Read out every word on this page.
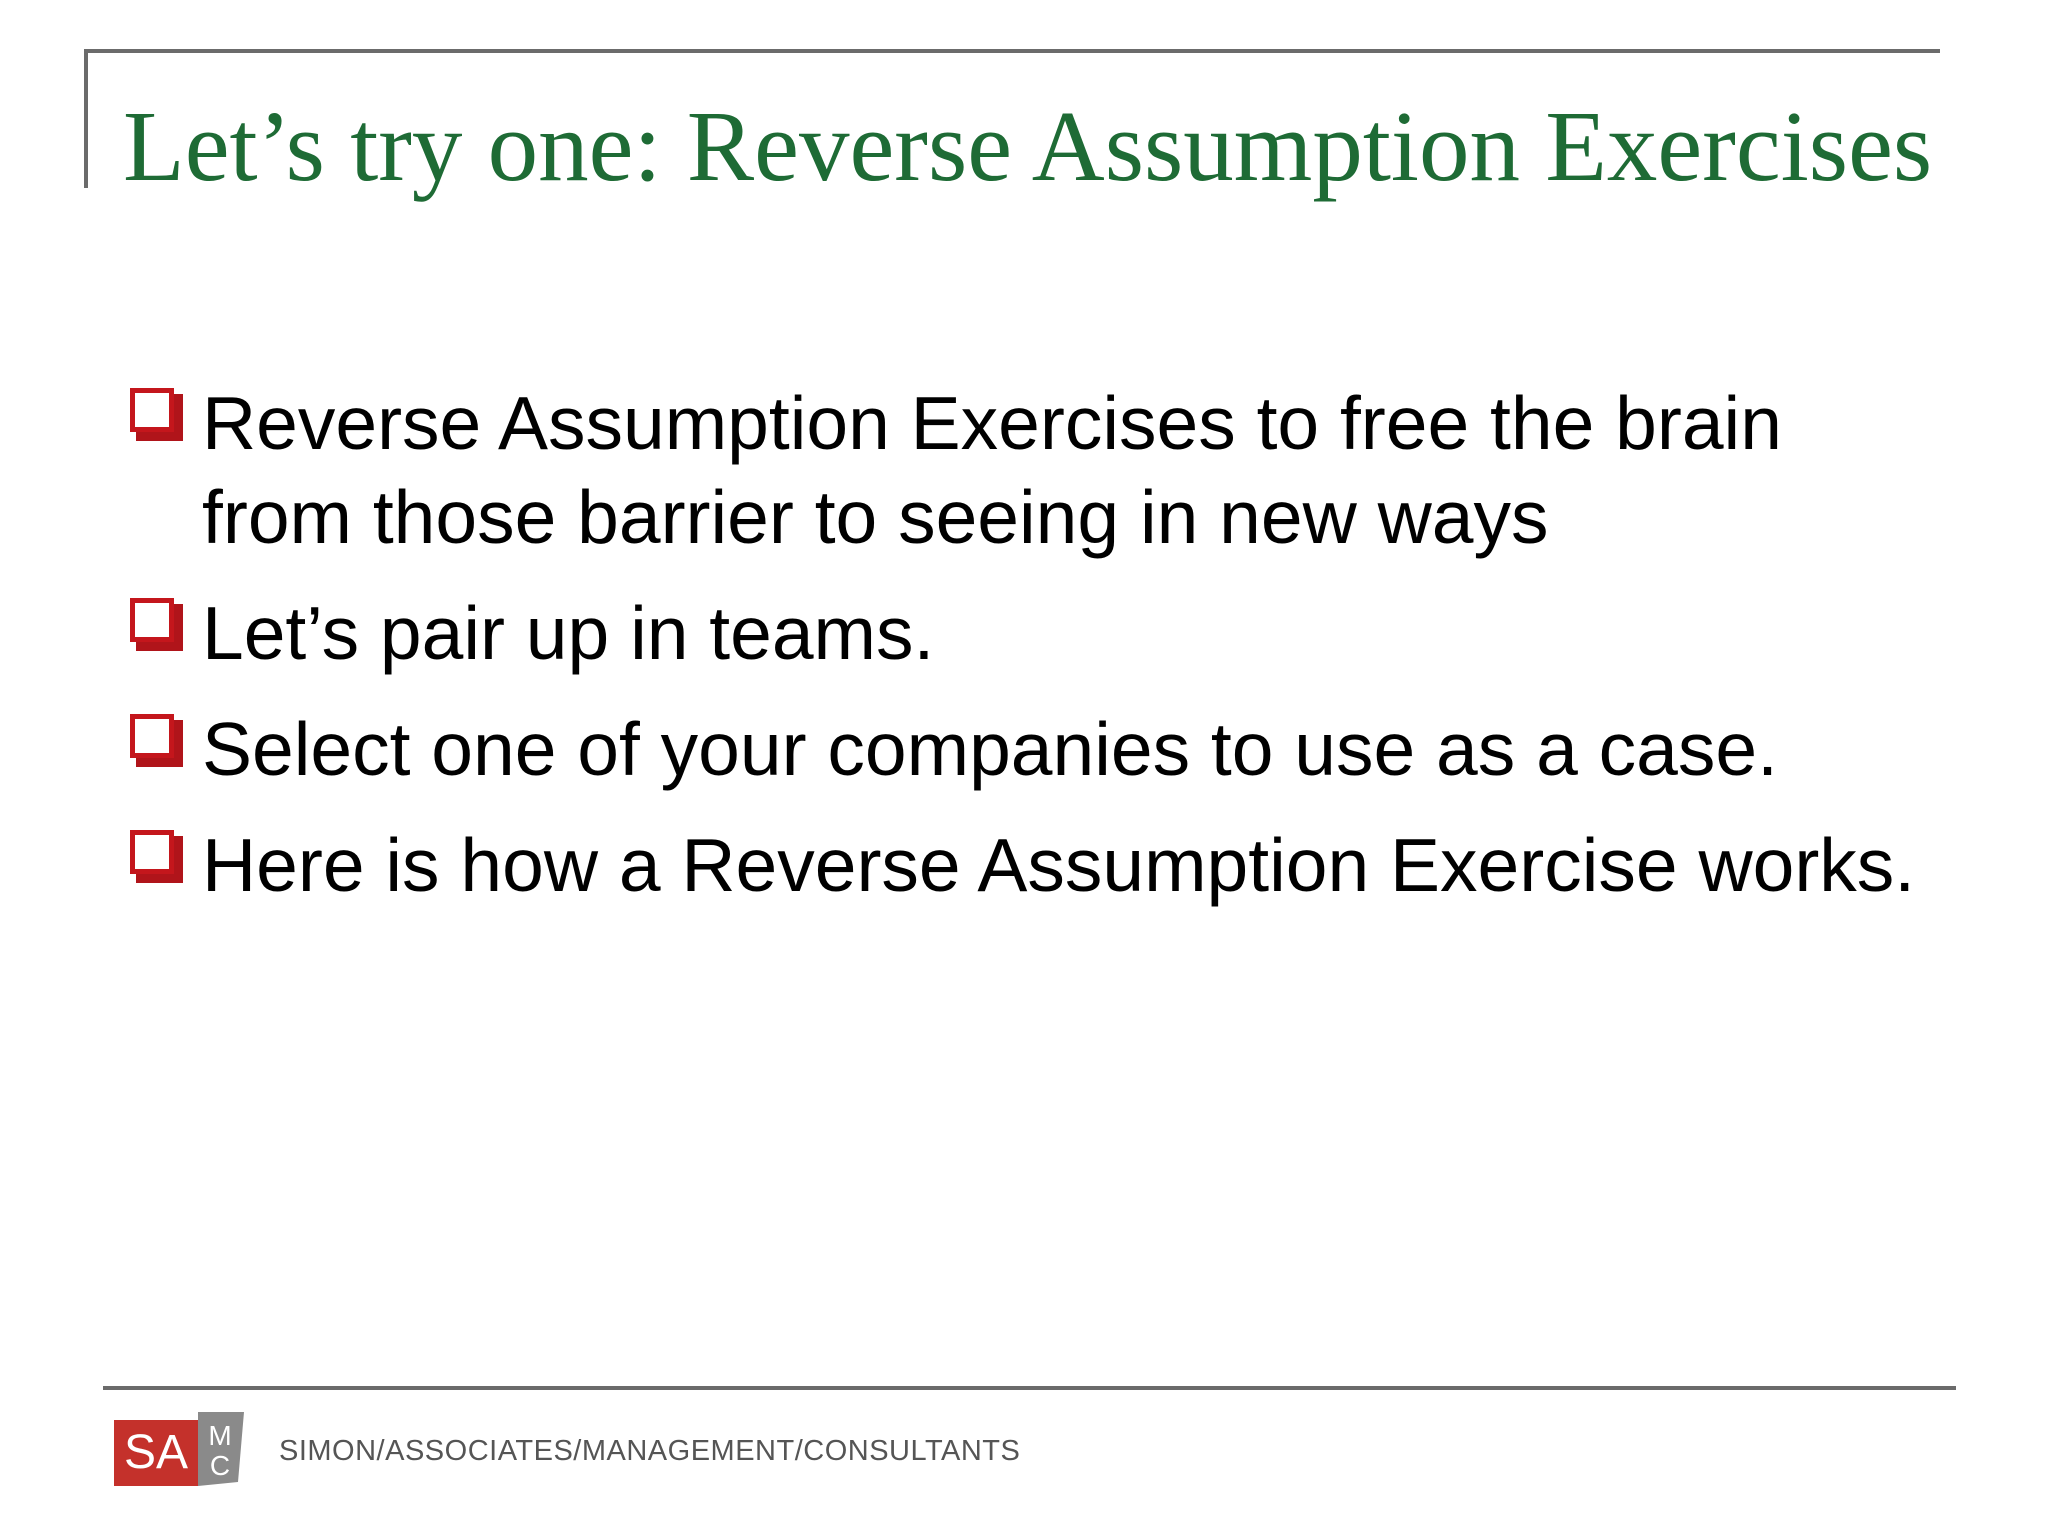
Let’s try one: Reverse Assumption Exercises
Reverse Assumption Exercises to free the brain from those barrier to seeing in new ways
Let’s pair up in teams.
Select one of your companies to use as a case.
Here is how a Reverse Assumption Exercise works.
SA M
C SIMON/ASSOCIATES/MANAGEMENT/CONSULTANTS
